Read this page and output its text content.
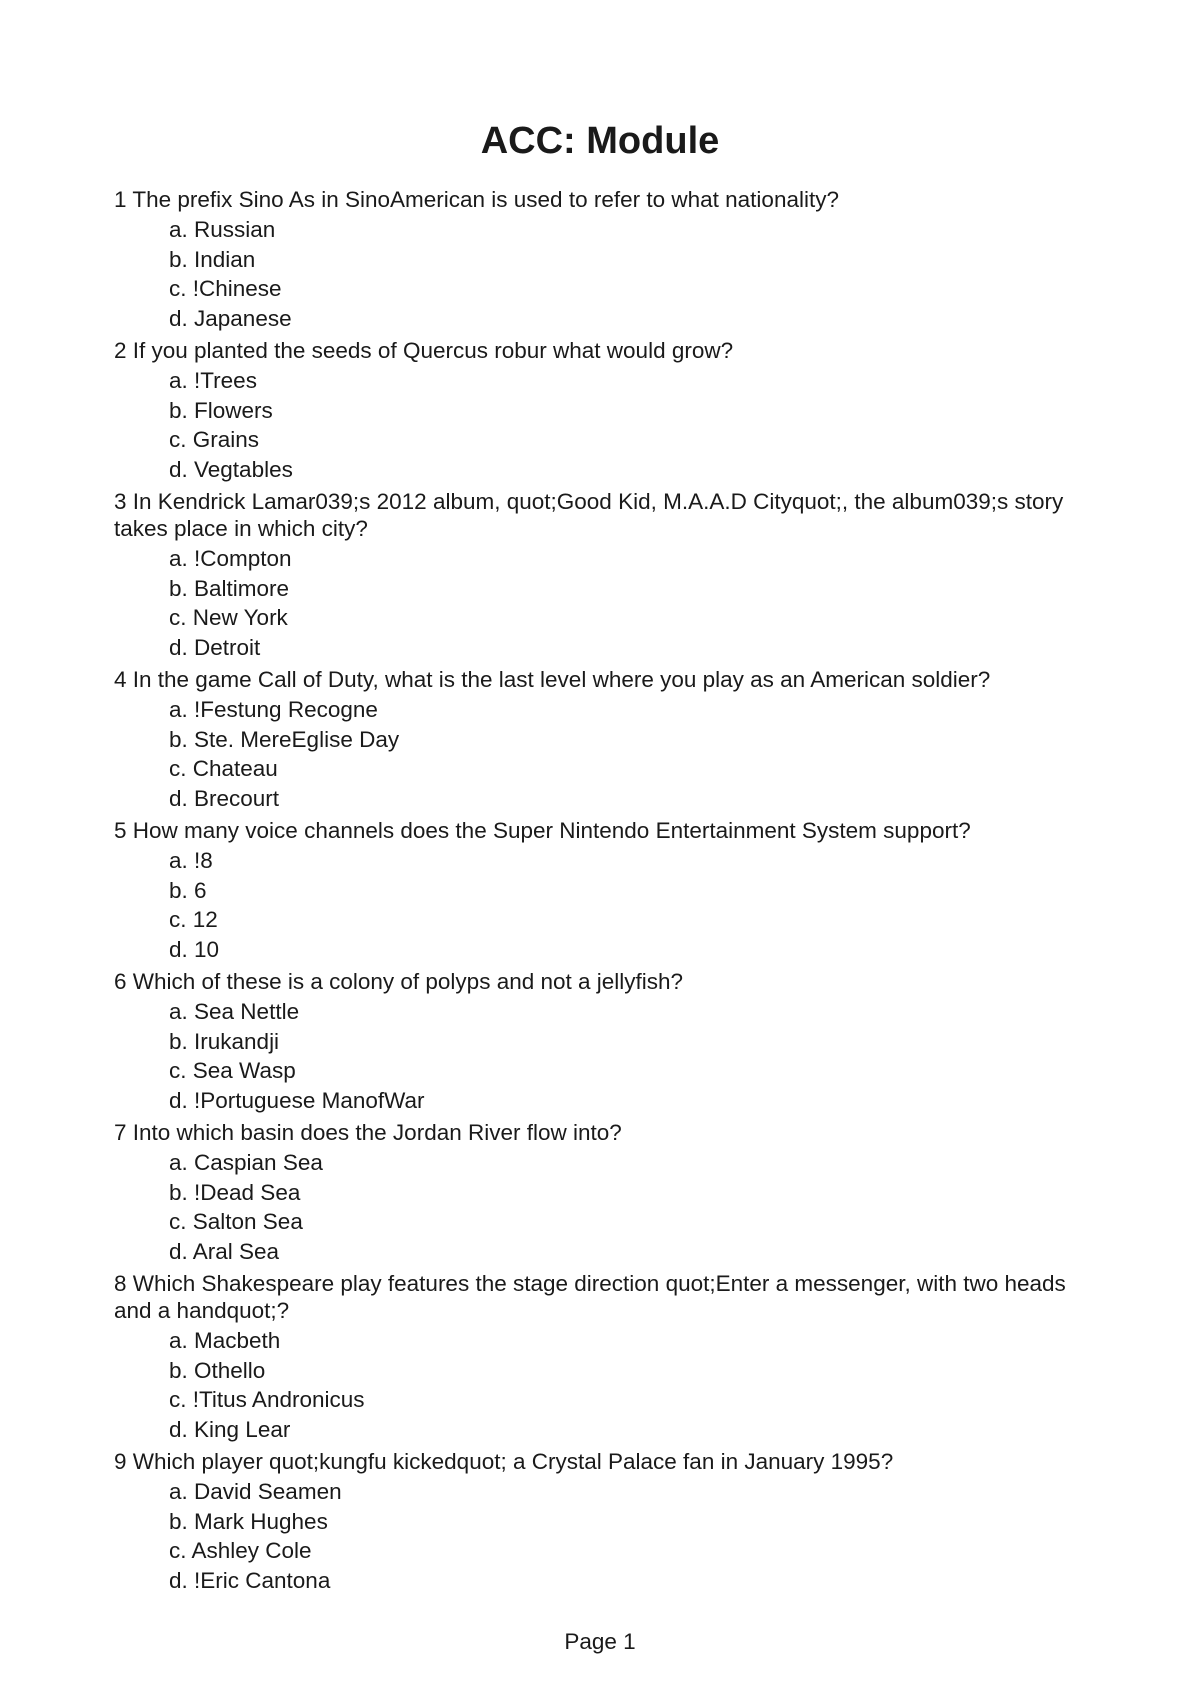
ACC: Module

1 The prefix Sino As in SinoAmerican is used to refer to what nationality?

a. Russian
b. Indian
c. !Chinese
d. Japanese

2 If you planted the seeds of Quercus robur what would grow?

a. !Trees
b. Flowers
c. Grains
d. Vegtables

3 In Kendrick Lamar039;s 2012 album, quot;Good Kid, M.A.A.D Cityquot;, the album039;s story takes place in which city?

a. !Compton
b. Baltimore
c. New York
d. Detroit

4 In the game Call of Duty, what is the last level where you play as an American soldier?

a. !Festung Recogne
b. Ste. MereEglise Day
c. Chateau
d. Brecourt

5 How many voice channels does the Super Nintendo Entertainment System support?

a. !8
b. 6
c. 12
d. 10

6 Which of these is a colony of polyps and not a jellyfish?

a. Sea Nettle
b. Irukandji
c. Sea Wasp
d. !Portuguese ManofWar

7 Into which basin does the Jordan River flow into?

a. Caspian Sea
b. !Dead Sea
c. Salton Sea
d. Aral Sea

8 Which Shakespeare play features the stage direction quot;Enter a messenger, with two heads and a handquot;?

a. Macbeth
b. Othello
c. !Titus Andronicus
d. King Lear

9 Which player quot;kungfu kickedquot; a Crystal Palace fan in January 1995?

a. David Seamen
b. Mark Hughes
c. Ashley Cole
d. !Eric Cantona
Page 1
